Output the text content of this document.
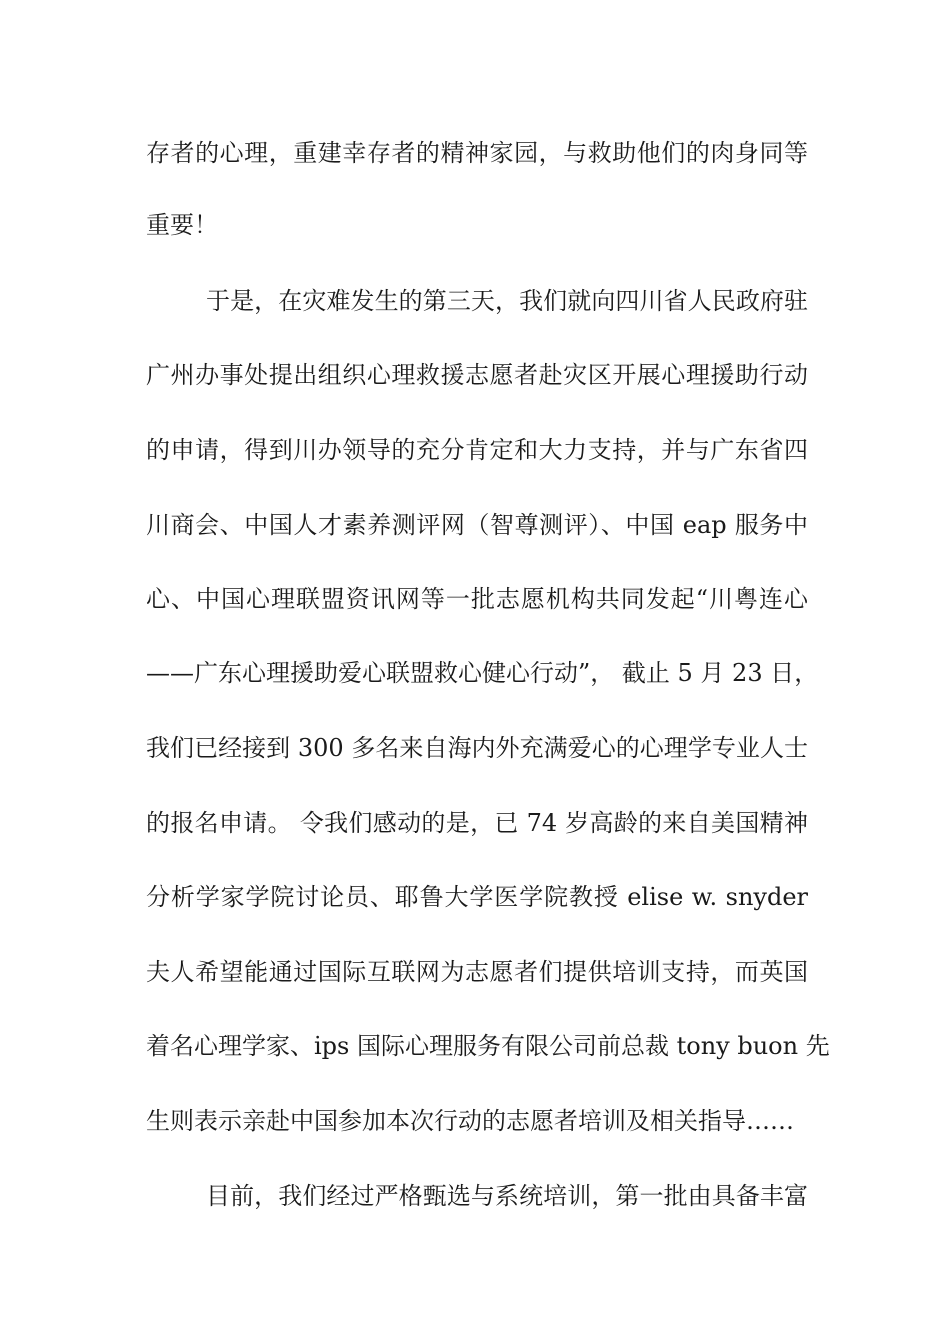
存者的心理，重建幸存者的精神家园，与救助他们的肉身同等
重要！
于是，在灾难发生的第三天，我们就向四川省人民政府驻
广州办事处提出组织心理救援志愿者赴灾区开展心理援助行动
的申请，得到川办领导的充分肯定和大力支持，并与广东省四
川商会、中国人才素养测评网（智尊测评）、中国 eap 服务中
心、中国心理联盟资讯网等一批志愿机构共同发起“川粤连心
——广东心理援助爱心联盟救心健心行动”， 截止 5 月 23 日，
我们已经接到 300 多名来自海内外充满爱心的心理学专业人士
的报名申请。 令我们感动的是，已 74 岁高龄的来自美国精神
分析学家学院讨论员、耶鲁大学医学院教授 elise w. snyder
夫人希望能通过国际互联网为志愿者们提供培训支持，而英国
着名心理学家、ips 国际心理服务有限公司前总裁 tony buon 先
生则表示亲赴中国参加本次行动的志愿者培训及相关指导……
目前，我们经过严格甄选与系统培训，第一批由具备丰富
